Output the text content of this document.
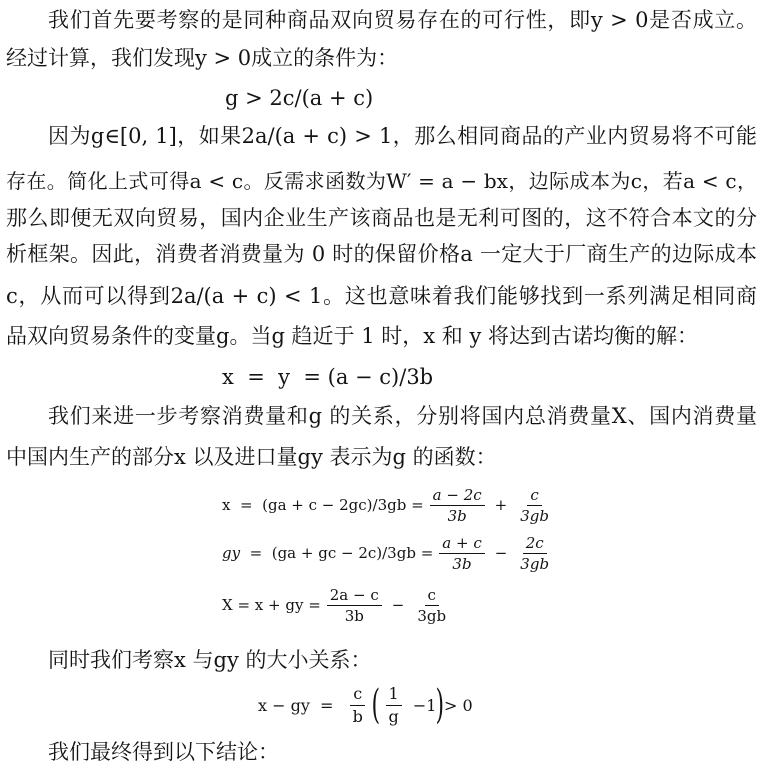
我们首先要考察的是同种商品双向贸易存在的可行性，即y > 0是否成立。
经过计算，我们发现y > 0成立的条件为：
g > 2c/(a + c)
因为g∈[0, 1]，如果2a/(a + c) > 1，那么相同商品的产业内贸易将不可能
存在。简化上式可得a < c。反需求函数为W′ = a − bx，边际成本为c，若a < c，
那么即便无双向贸易，国内企业生产该商品也是无利可图的，这不符合本文的分
析框架。因此，消费者消费量为 0 时的保留价格a 一定大于厂商生产的边际成本
c，从而可以得到2a/(a + c) < 1。这也意味着我们能够找到一系列满足相同商
品双向贸易条件的变量g。当g 趋近于 1 时，x 和 y 将达到古诺均衡的解：
x  =  y  = (a − c)/3b
我们来进一步考察消费量和g 的关系，分别将国内总消费量X、国内消费量
中国内生产的部分x 以及进口量gy 表示为g 的函数：
$x = (ga + c - 2gc)/3gb = \frac{a - 2c}{3b} + \frac{c}{3gb}$
gy  = (ga + gc − $2c)/3gb = \frac{a + c}{3b} - \frac{2c}{3gb}$
X = x + gy = $\frac{2a - c}{3b} - \frac{c}{3gb}$
同时我们考察x 与gy 的大小关系：
x − gy  = $\frac{c}{b}$ ( $\frac{1}{g} -1$ ) > 0
我们最终得到以下结论：
